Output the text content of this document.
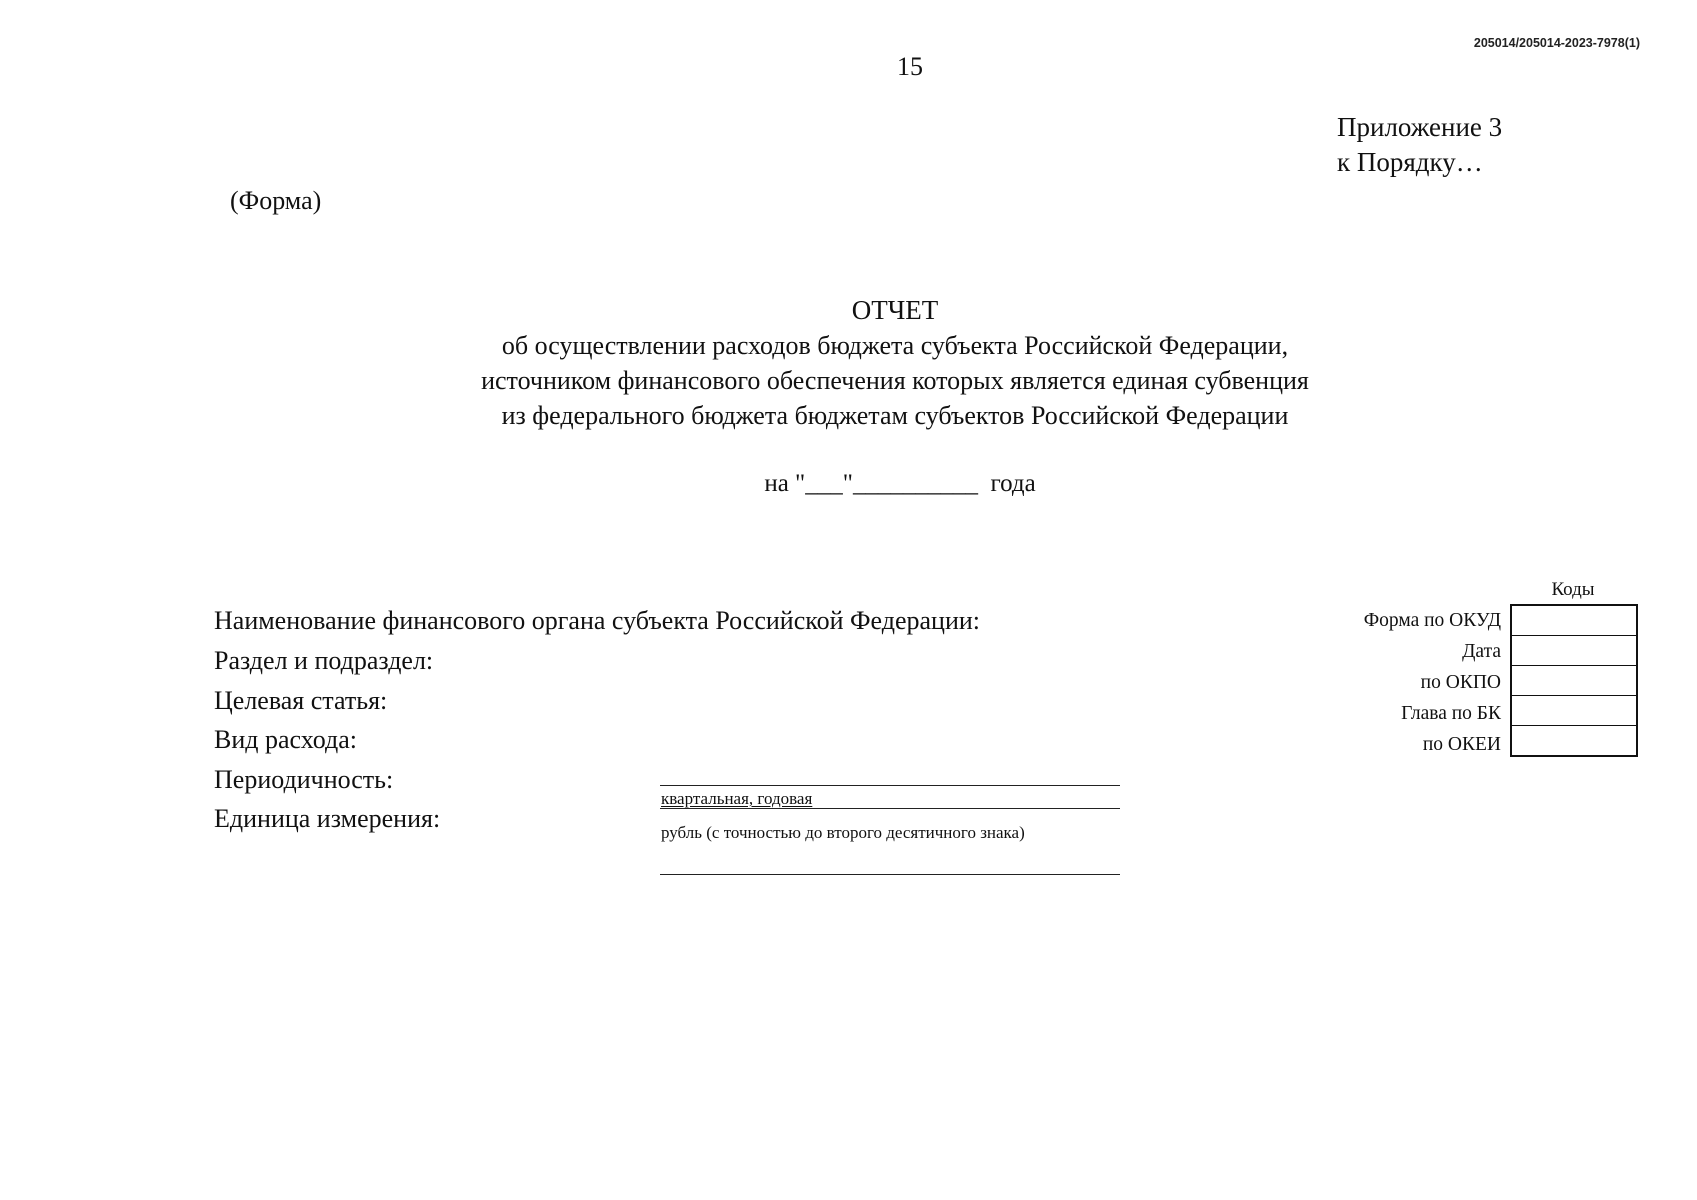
205014/205014-2023-7978(1)
15
Приложение 3
к Порядку…
(Форма)

ОТЧЕТ

об осуществлении расходов бюджета субъекта Российской Федерации,

источником финансового обеспечения которых является единая субвенция

из федерального бюджета бюджетам субъектов Российской Федерации

на "___"__________  года
Наименование финансового органа субъекта Российской Федерации:
Раздел и подраздел:
Целевая статья:
Вид расхода:
Периодичность:
Единица измерения:
квартальная, годовая
рубль (с точностью до второго десятичного знака)
Коды
Форма по ОКУД
Дата
по ОКПО
Глава по БК
по ОКЕИ
